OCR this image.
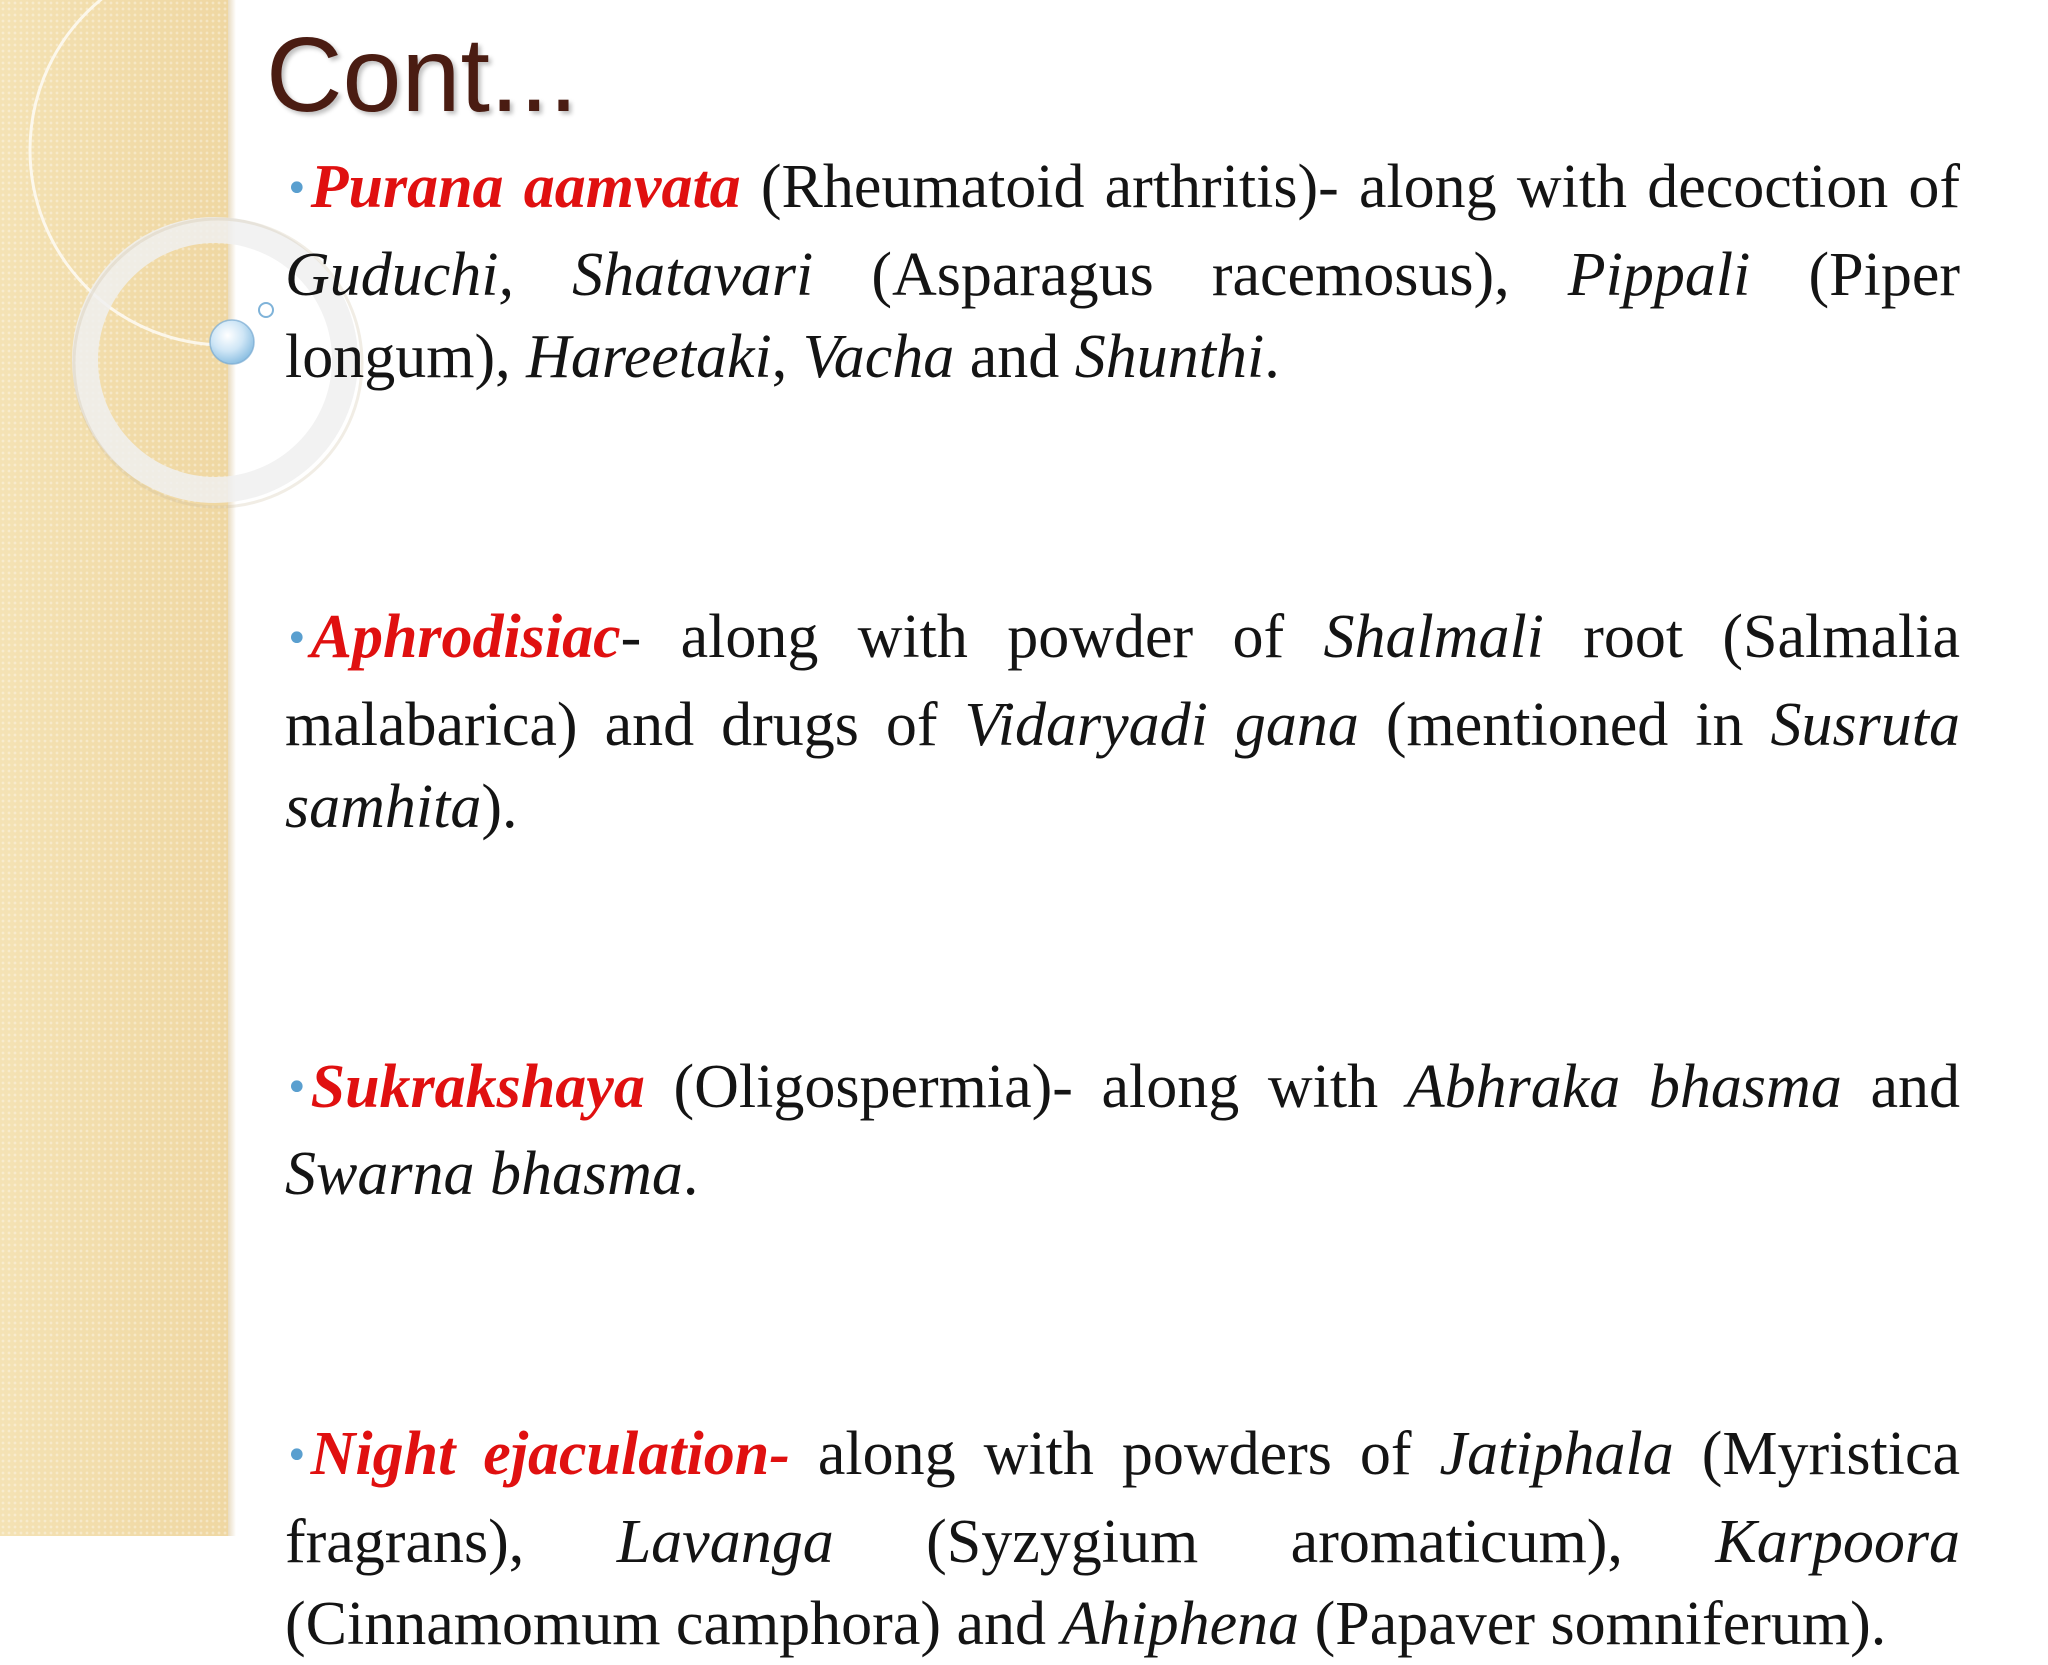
Cont...

•Purana aamvata (Rheumatoid arthritis)- along with decoction of Guduchi, Shatavari (Asparagus racemosus), Pippali (Piper longum), Hareetaki, Vacha and Shunthi.

•Aphrodisiac- along with powder of Shalmali root (Salmalia malabarica) and drugs of Vidaryadi gana (mentioned in Susruta samhita).

•Sukrakshaya (Oligospermia)- along with Abhraka bhasma and Swarna bhasma.

•Night ejaculation- along with powders of Jatiphala (Myristica fragrans), Lavanga (Syzygium aromaticum), Karpoora (Cinnamomum camphora) and Ahiphena (Papaver somniferum).
